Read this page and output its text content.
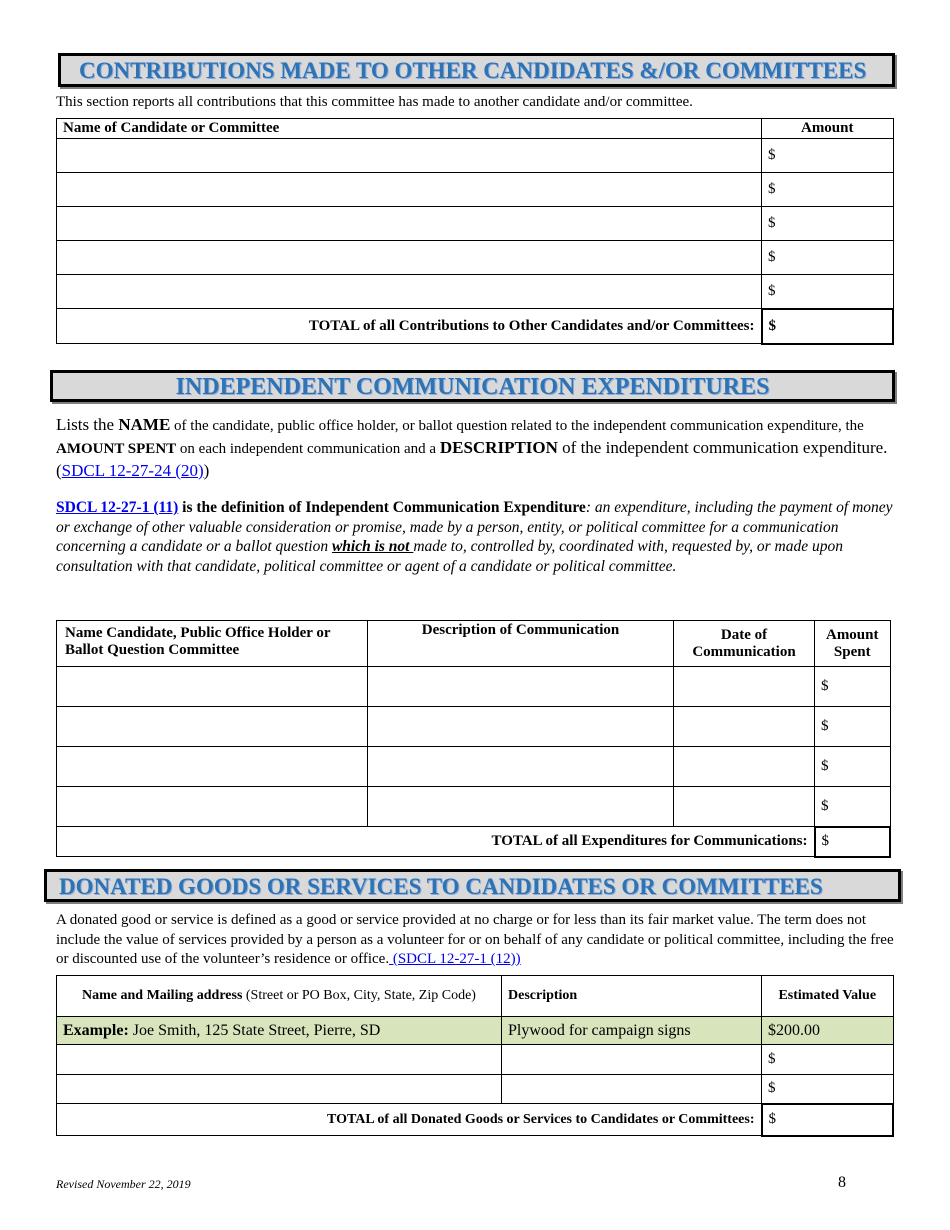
CONTRIBUTIONS MADE TO OTHER CANDIDATES &/OR COMMITTEES
This section reports all contributions that this committee has made to another candidate and/or committee.
Name of Candidate or Committee	Amount
	$
	$
	$
	$
	$
TOTAL of all Contributions to Other Candidates and/or Committees:	$
INDEPENDENT COMMUNICATION EXPENDITURES
Lists the NAME of the candidate, public office holder, or ballot question related to the independent communication expenditure, the AMOUNT SPENT on each independent communication and a DESCRIPTION of the independent communication expenditure. (SDCL 12-27-24 (20))
SDCL 12-27-1 (11) is the definition of Independent Communication Expenditure: an expenditure, including the payment of money or exchange of other valuable consideration or promise, made by a person, entity, or political committee for a communication concerning a candidate or a ballot question which is not made to, controlled by, coordinated with, requested by, or made upon consultation with that candidate, political committee or agent of a candidate or political committee.
Name Candidate, Public Office Holder or Ballot Question Committee	Description of Communication	Date of Communication	Amount Spent
			$
			$
			$
			$
TOTAL of all Expenditures for Communications:			$
DONATED GOODS OR SERVICES TO CANDIDATES OR COMMITTEES
A donated good or service is defined as a good or service provided at no charge or for less than its fair market value. The term does not include the value of services provided by a person as a volunteer for or on behalf of any candidate or political committee, including the free or discounted use of the volunteer’s residence or office. (SDCL 12-27-1 (12))
Name and Mailing address (Street or PO Box, City, State, Zip Code)	Description	Estimated Value
Example: Joe Smith, 125 State Street, Pierre, SD	Plywood for campaign signs	$200.00
		$
		$
TOTAL of all Donated Goods or Services to Candidates or Committees:		$
Revised November 22, 2019	8
